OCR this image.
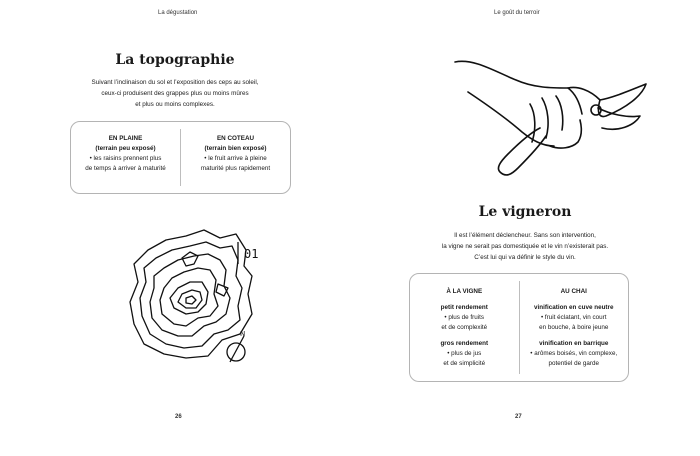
La dégustation
La topographie

Suivant l’inclinaison du sol et l’exposition des ceps au soleil,
ceux-ci produisent des grappes plus ou moins mûres
et plus ou moins complexes.

EN PLAINE
(terrain peu exposé)
• les raisins prennent plus
de temps à arriver à maturité
EN COTEAU
(terrain bien exposé)
• le fruit arrive à pleine
maturité plus rapidement
01
N
26
Le goût du terroir
Le vigneron

Il est l’élément déclencheur. Sans son intervention,
la vigne ne serait pas domestiquée et le vin n’existerait pas.
C’est lui qui va définir le style du vin.

À LA VIGNE
petit rendement
• plus de fruits
et de complexité
gros rendement
• plus de jus
et de simplicité
AU CHAI
vinification en cuve neutre
• fruit éclatant, vin court
en bouche, à boire jeune
vinification en barrique
• arômes boisés, vin complexe,
potentiel de garde
27
